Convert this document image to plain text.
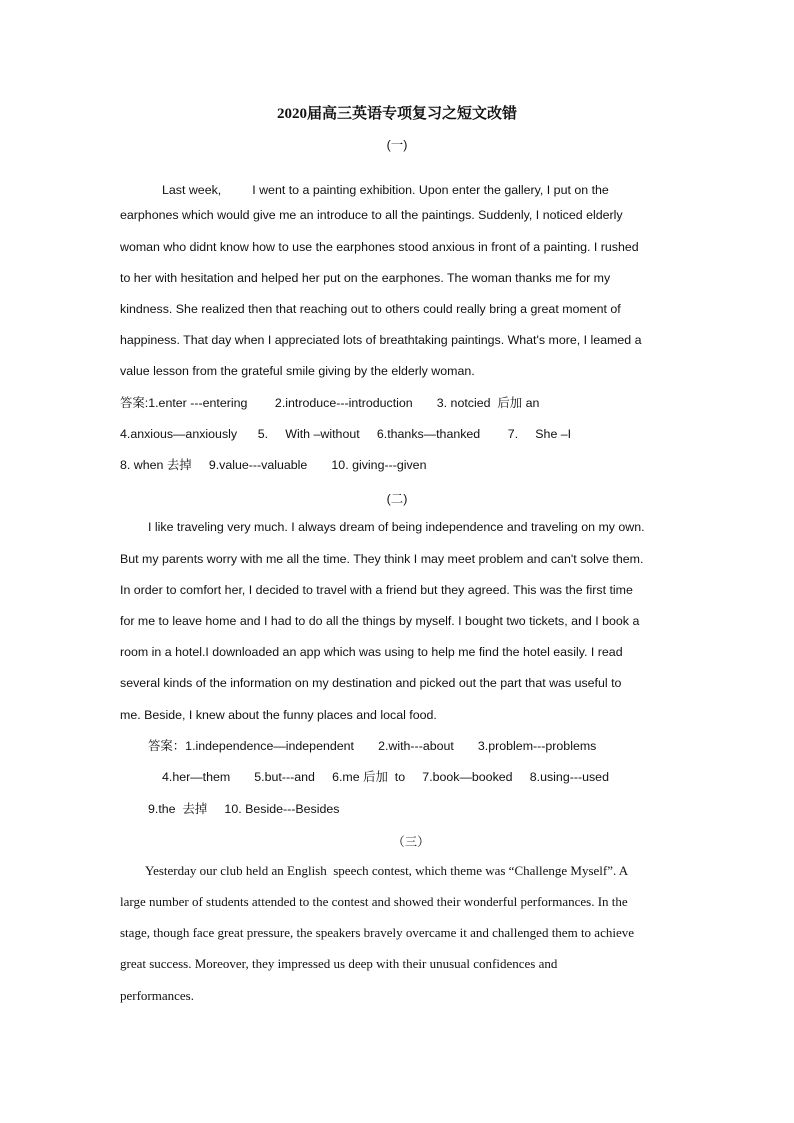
2020届高三英语专项复习之短文改错
(一)
Last week,         I went to a painting exhibition. Upon enter the gallery, I put on the
earphones which would give me an introduce to all the paintings. Suddenly, I noticed elderly
woman who didnt know how to use the earphones stood anxious in front of a painting. I rushed
to her with hesitation and helped her put on the earphones. The woman thanks me for my
kindness. She realized then that reaching out to others could really bring a great moment of
happiness. That day when I appreciated lots of breathtaking paintings. What's more, I leamed a
value lesson from the grateful smile giving by the elderly woman.
答案:1.enter ---entering        2.introduce---introduction       3. notcied  后加 an
4.anxious—anxiously      5.     With –without     6.thanks—thanked        7.     She –I
8. when 去掉     9.value---valuable       10. giving---given
(二)
I like traveling very much. I always dream of being independence and traveling on my own.
But my parents worry with me all the time. They think I may meet problem and can't solve them.
In order to comfort her, I decided to travel with a friend but they agreed. This was the first time
for me to leave home and I had to do all the things by myself. I bought two tickets, and I book a
room in a hotel.I downloaded an app which was using to help me find the hotel easily. I read
several kinds of the information on my destination and picked out the part that was useful to
me. Beside, I knew about the funny places and local food.
答案：1.independence—independent       2.with---about       3.problem---problems
4.her—them       5.but---and     6.me 后加  to     7.book—booked     8.using---used
9.the  去掉     10. Beside---Besides
（三）
Yesterday our club held an English  speech contest, which theme was “Challenge Myself”. A
large number of students attended to the contest and showed their wonderful performances. In the
stage, though face great pressure, the speakers bravely overcame it and challenged them to achieve
great success. Moreover, they impressed us deep with their unusual confidences and
performances.
